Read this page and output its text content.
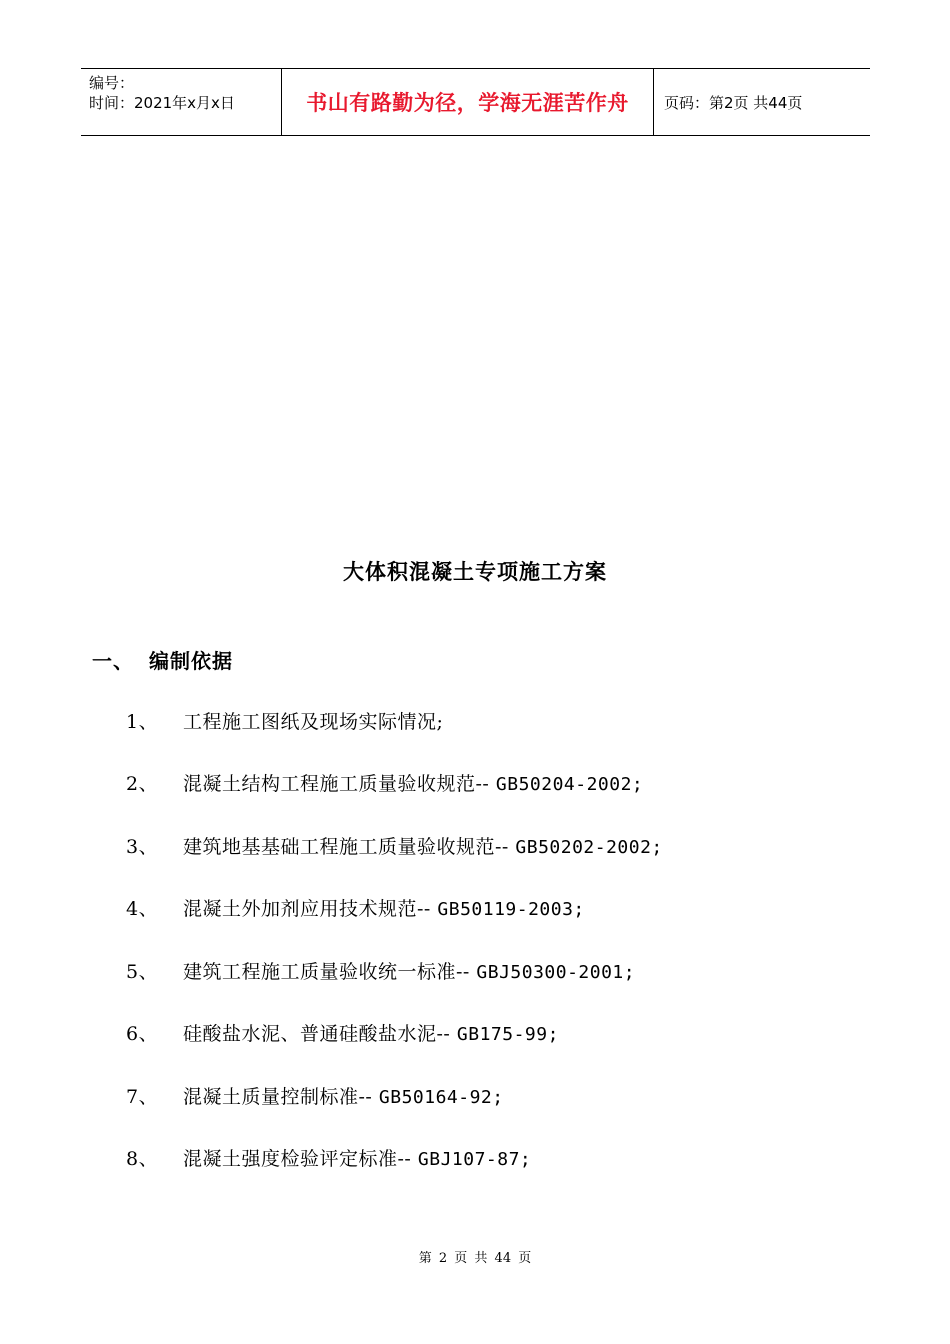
编号：
时间：2021年x月x日	书山有路勤为径，学海无涯苦作舟 页码：第2页 共44页
大体积混凝土专项施工方案
一、 编制依据
1、 工程施工图纸及现场实际情况;
2、 混凝土结构工程施工质量验收规范-- GB50204-2002;
3、 建筑地基基础工程施工质量验收规范-- GB50202-2002;
4、 混凝土外加剂应用技术规范-- GB50119-2003;
5、 建筑工程施工质量验收统一标准-- GBJ50300-2001;
6、 硅酸盐水泥、普通硅酸盐水泥-- GB175-99;
7、 混凝土质量控制标准-- GB50164-92;
8、 混凝土强度检验评定标准-- GBJ107-87;
第 2 页 共 44 页
